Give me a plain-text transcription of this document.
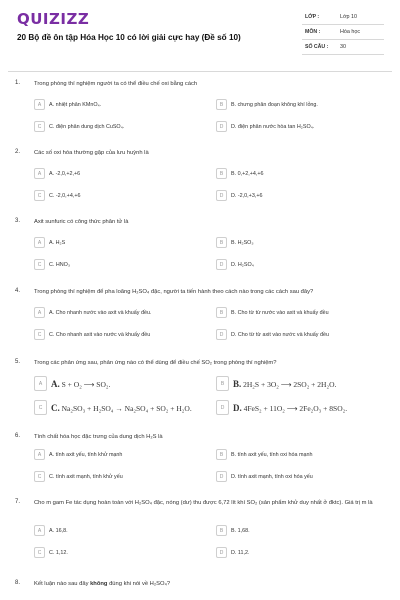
QUIZIZZ
20 Bộ đề ôn tập Hóa Học 10 có lời giải cực hay (Đề số 10)
LỚP :	Lớp 10
MÔN :	Hóa học
SỐ CÂU :	30
1. Trong phòng thí nghiệm người ta có thể điều chế oxi bằng cách
A	A. nhiệt phân KMnO₄.	B	B. chưng phân đoạn không khí lỏng.
C	C. điện phân dung dịch CuSO₄.	D	D. điện phân nước hòa tan H₂SO₄.
2. Các số oxi hóa thường gặp của lưu huỳnh là
A	A. -2,0,+2,+6	B	B. 0,+2,+4,+6
C	C. -2,0,+4,+6	D	D. -2,0,+3,+6
3. Axit sunfuric có công thức phân tử là
A	A. H₂S	B	B. H₂SO₃
C	C. HNO₃	D	D. H₂SO₄
4. Trong phòng thí nghiệm để pha loãng H₂SO₄ đặc, người ta tiến hành theo cách nào trong các cách sau đây?
A	A. Cho nhanh nước vào axit và khuấy đều.	B	B. Cho từ từ nước vào axit và khuấy đều
C	C. Cho nhanh axit vào nước và khuấy đều	D	D. Cho từ từ axit vào nước và khuấy đều
5. Trong các phản ứng sau, phản ứng nào có thể dùng để điều chế SO₂ trong phòng thí nghiệm?
A A. S + O₂ ⟶ SO₂.	B B. 2H₂S + 3O₂ ⟶ 2SO₂ + 2H₂O.
C C. Na₂SO₃ + H₂SO₄ → Na₂SO₄ + SO₂ + H₂O.	D D. 4FeS₂ + 11O₂ ⟶ 2Fe₂O₃ + 8SO₂.
6. Tính chất hóa học đặc trưng của dung dịch H₂S là
A	A. tính axit yếu, tính khử mạnh	B	B. tính axit yếu, tính oxi hóa mạnh
C	C. tính axit mạnh, tính khử yếu	D	D. tính axit mạnh, tính oxi hóa yếu
7. Cho m gam Fe tác dụng hoàn toàn với H₂SO₄ đặc, nóng (dư) thu được 6,72 lít khí SO₂ (sản phẩm khử duy nhất ở đktc). Giá trị m là
A	A. 16,8.	B	B. 1,68.
C	C. 1,12.	D	D. 11,2.
8. Kết luận nào sau đây không đúng khi nói về H₂SO₄?
